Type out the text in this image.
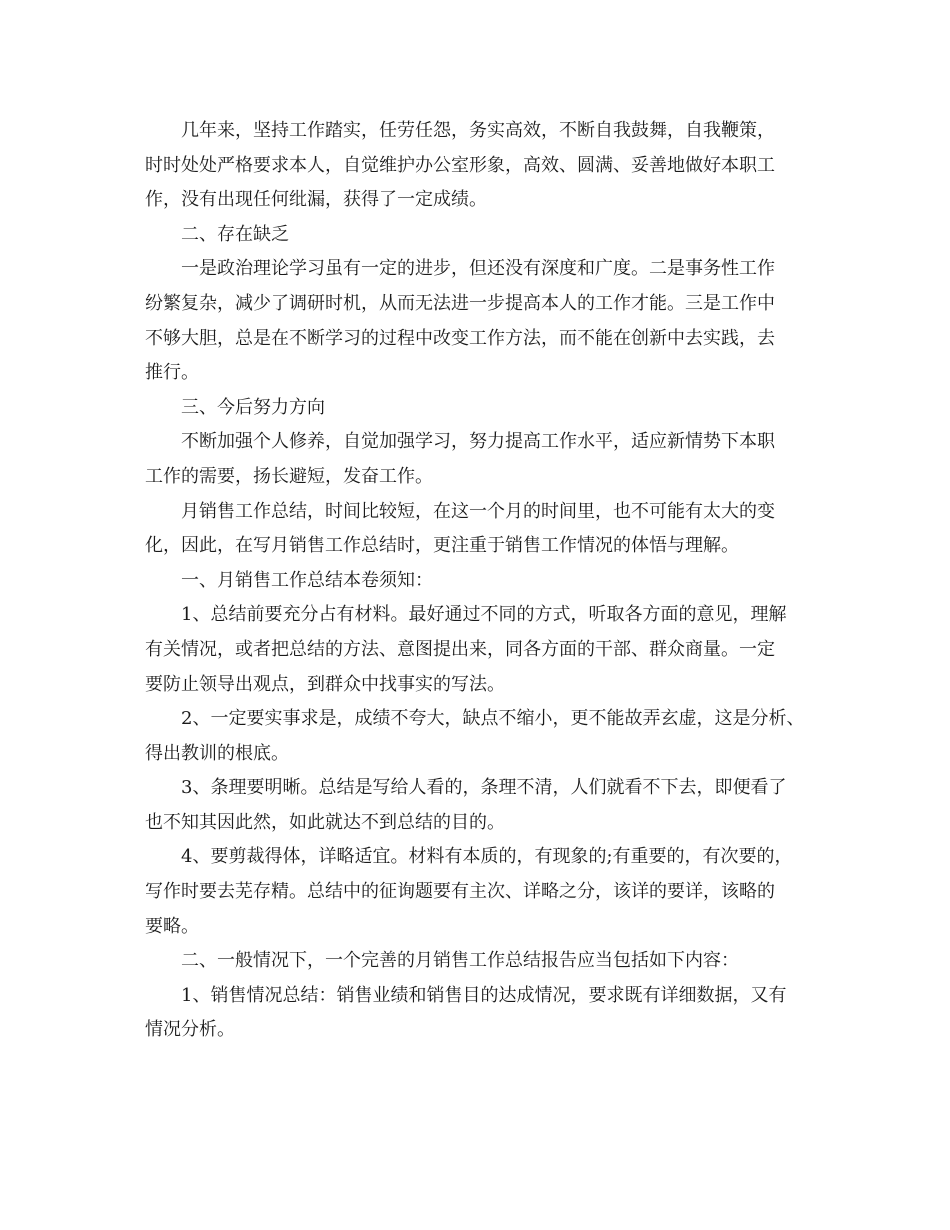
几年来，坚持工作踏实，任劳任怨，务实高效，不断自我鼓舞，自我鞭策，
时时处处严格要求本人，自觉维护办公室形象，高效、圆满、妥善地做好本职工
作，没有出现任何纰漏，获得了一定成绩。

二、存在缺乏

一是政治理论学习虽有一定的进步，但还没有深度和广度。二是事务性工作
纷繁复杂，减少了调研时机，从而无法进一步提高本人的工作才能。三是工作中
不够大胆，总是在不断学习的过程中改变工作方法，而不能在创新中去实践，去
推行。

三、今后努力方向

不断加强个人修养，自觉加强学习，努力提高工作水平，适应新情势下本职
工作的需要，扬长避短，发奋工作。

月销售工作总结，时间比较短，在这一个月的时间里，也不可能有太大的变
化，因此，在写月销售工作总结时，更注重于销售工作情况的体悟与理解。

一、月销售工作总结本卷须知：

1、总结前要充分占有材料。最好通过不同的方式，听取各方面的意见，理解
有关情况，或者把总结的方法、意图提出来，同各方面的干部、群众商量。一定
要防止领导出观点，到群众中找事实的写法。

2、一定要实事求是，成绩不夸大，缺点不缩小，更不能故弄玄虚，这是分析、
得出教训的根底。

3、条理要明晰。总结是写给人看的，条理不清，人们就看不下去，即便看了
也不知其因此然，如此就达不到总结的目的。

4、要剪裁得体，详略适宜。材料有本质的，有现象的;有重要的，有次要的，
写作时要去芜存精。总结中的征询题要有主次、详略之分，该详的要详，该略的
要略。

二、一般情况下，一个完善的月销售工作总结报告应当包括如下内容：

1、销售情况总结：销售业绩和销售目的达成情况，要求既有详细数据，又有
情况分析。
